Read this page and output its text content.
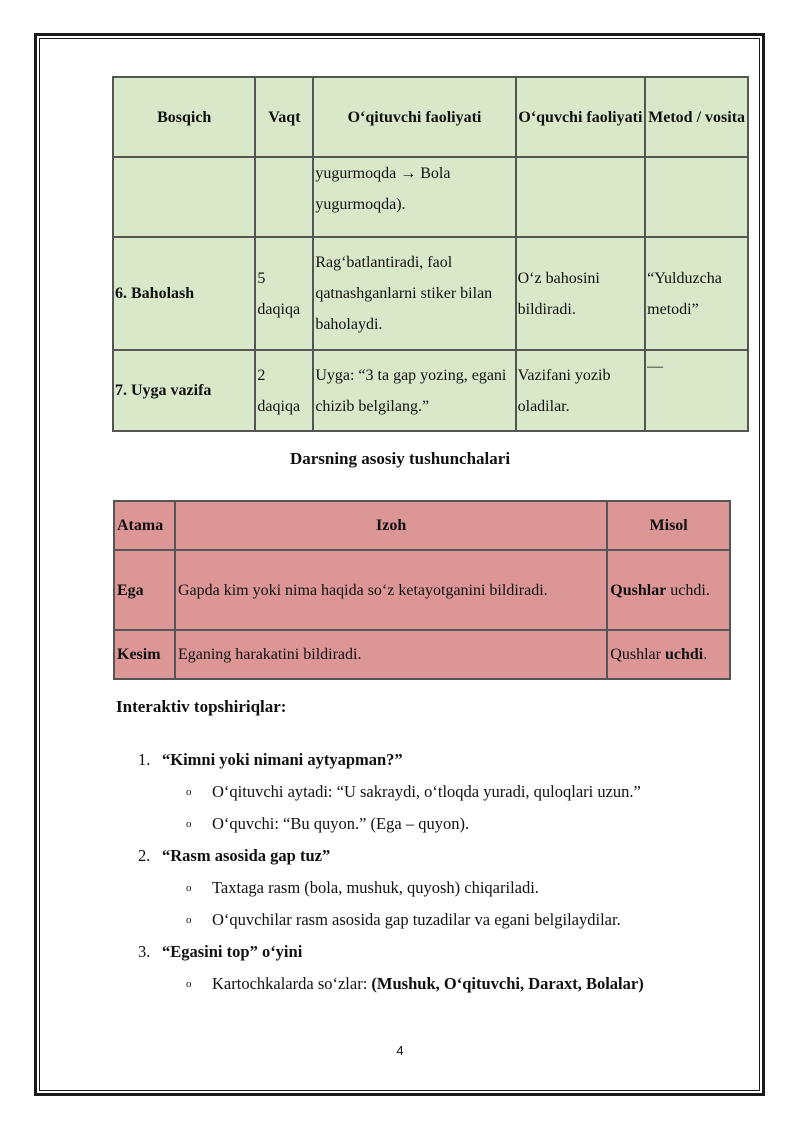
Bosqich	Vaqt	O‘qituvchi faoliyati	O‘quvchi faoliyati	Metod / vosita
		yugurmoqda → Bola yugurmoqda).		
6. Baholash	5 daqiqa	Rag‘batlantiradi, faol qatnashganlarni stiker bilan baholaydi.	O‘z bahosini bildiradi.	“Yulduzcha metodi”
7. Uyga vazifa	2 daqiqa	Uyga: “3 ta gap yozing, egani chizib belgilang.”	Vazifani yozib oladilar.	—
Darsning asosiy tushunchalari
Atama	Izoh	Misol
Ega	Gapda kim yoki nima haqida so‘z ketayotganini bildiradi.	Qushlar uchdi.
Kesim	Eganing harakatini bildiradi.	Qushlar uchdi.
Interaktiv topshiriqlar:
1. “Kimni yoki nimani aytyapman?”
o O‘qituvchi aytadi: “U sakraydi, o‘tloqda yuradi, quloqlari uzun.”
o O‘quvchi: “Bu quyon.” (Ega – quyon).
2. “Rasm asosida gap tuz”
o Taxtaga rasm (bola, mushuk, quyosh) chiqariladi.
o O‘quvchilar rasm asosida gap tuzadilar va egani belgilaydilar.
3. “Egasini top” o‘yini
o Kartochkalarda so‘zlar: (Mushuk, O‘qituvchi, Daraxt, Bolalar)
4
